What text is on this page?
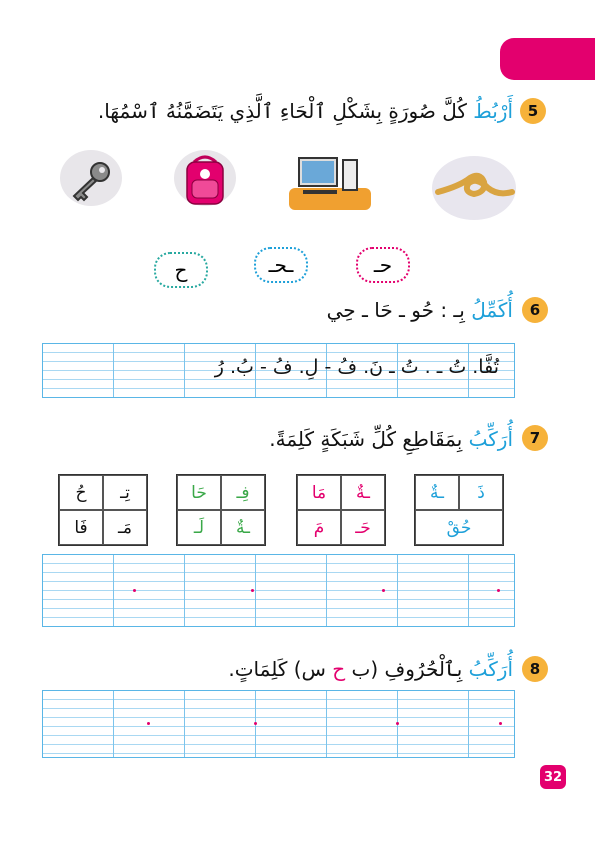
5
أَرْبُطُ كُلَّ صُورَةٍ بِشَكْلِ ٱلْحَاءِ ٱلَّذِي يَتَضَمَّنُهُ ٱسْمُهَا.
ح	ـحـ	حـ
6
أُكَمِّلُ بِـ : حُو ـ حَا ـ حِي
تُفَّا. تُ ـ . تُ ـ نَ. فُ - لِ. فُ - بُ. رُ
7
أُرَكِّبُ بِمَقَاطِعِ كُلِّ شَبَكَةٍ كَلِمَةً.
ـةٌ	ذَ
حُقْ
مَا	ـةٌ
مَ	حَـ
حَا	فِـ
لَـ	ـةٌ
حُ	تِـ
فَا	مَـ
8
أُرَكِّبُ بِٱلْحُرُوفِ (ب ح س) كَلِمَاتٍ.
32
